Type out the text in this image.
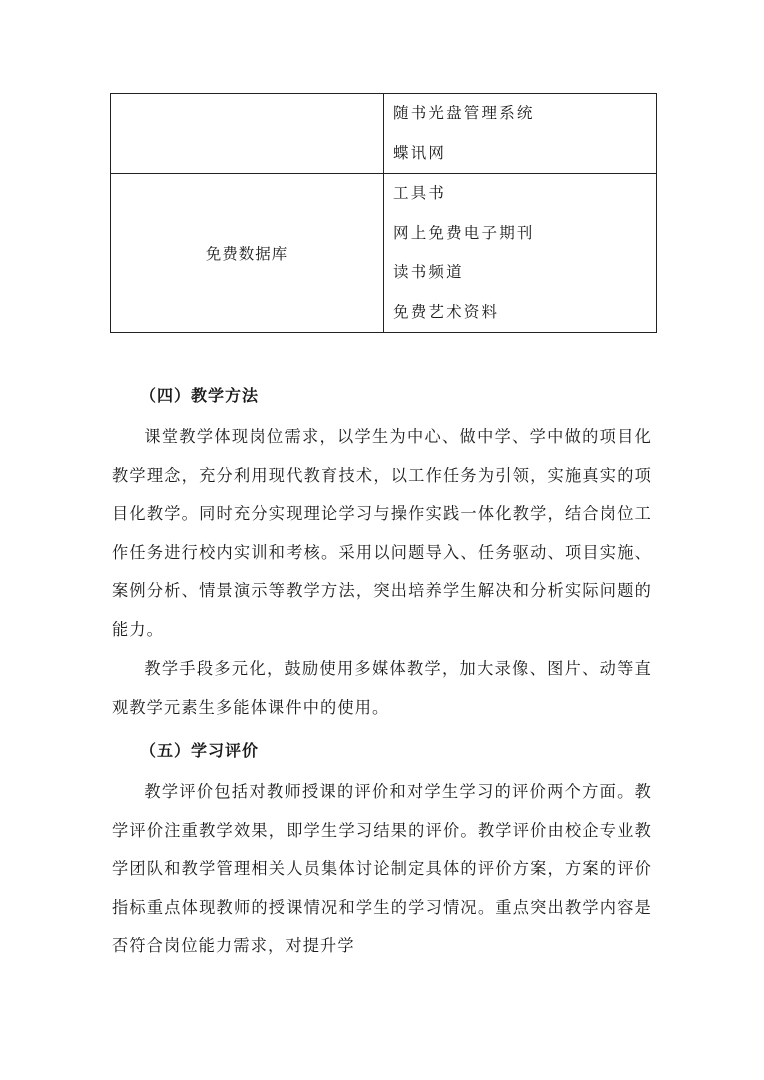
	随书光盘管理系统
蝶讯网

免费数据库	工具书
网上免费电子期刊
读书频道
免费艺术资料
（四）教学方法
课堂教学体现岗位需求，以学生为中心、做中学、学中做的项目化教学理念，充分利用现代教育技术，以工作任务为引领，实施真实的项目化教学。同时充分实现理论学习与操作实践一体化教学，结合岗位工作任务进行校内实训和考核。采用以问题导入、任务驱动、项目实施、案例分析、情景演示等教学方法，突出培养学生解决和分析实际问题的能力。
教学手段多元化，鼓励使用多媒体教学，加大录像、图片、动等直观教学元素生多能体课件中的使用。
（五）学习评价
教学评价包括对教师授课的评价和对学生学习的评价两个方面。教学评价注重教学效果，即学生学习结果的评价。教学评价由校企专业教学团队和教学管理相关人员集体讨论制定具体的评价方案，方案的评价指标重点体现教师的授课情况和学生的学习情况。重点突出教学内容是否符合岗位能力需求，对提升学
